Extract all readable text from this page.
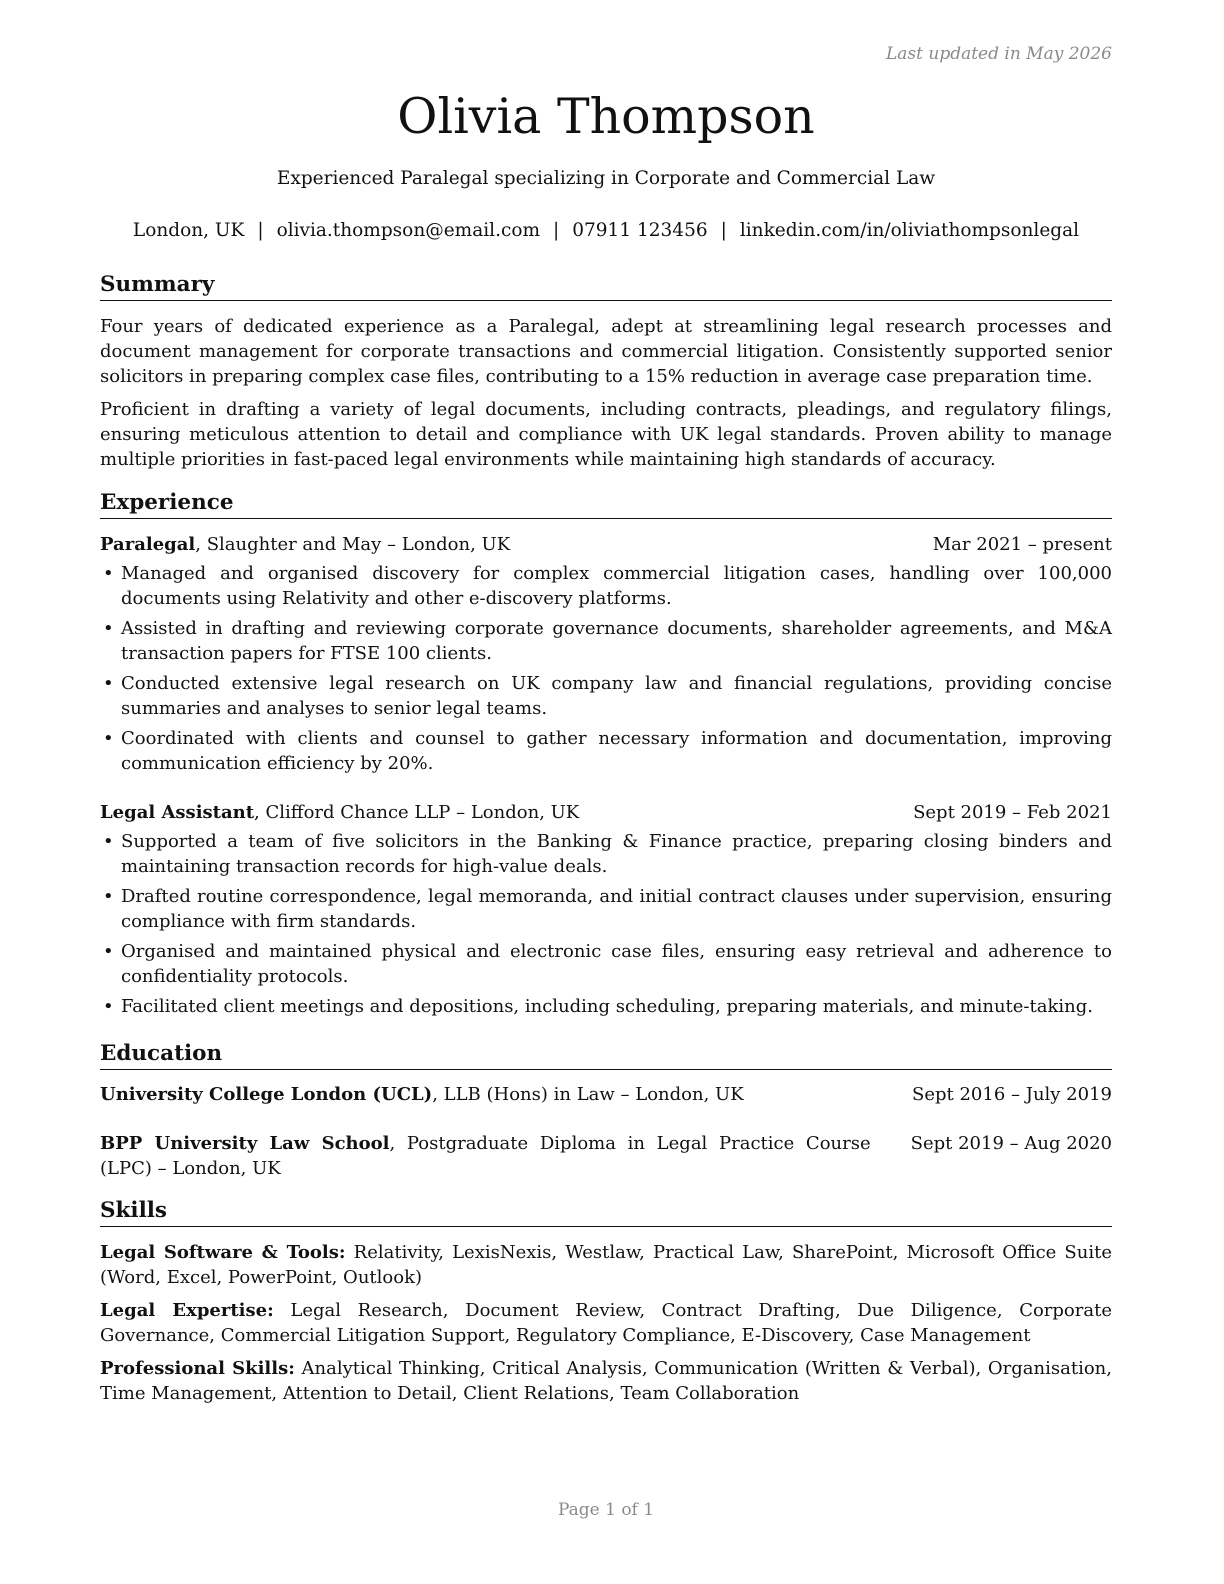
Last updated in May 2026
Olivia Thompson
Experienced Paralegal specializing in Corporate and Commercial Law
London, UK | olivia.thompson@email.com | 07911 123456 | linkedin.com/in/oliviathompsonlegal
Summary

Four years of dedicated experience as a Paralegal, adept at streamlining legal research processes and document management for corporate transactions and commercial litigation. Consistently supported senior solicitors in preparing complex case files, contributing to a 15% reduction in average case preparation time.

Proficient in drafting a variety of legal documents, including contracts, pleadings, and regulatory filings, ensuring meticulous attention to detail and compliance with UK legal standards. Proven ability to manage multiple priorities in fast-paced legal environments while maintaining high standards of accuracy.

Experience
Paralegal, Slaughter and May – London, UK	Mar 2021 – present
• Managed and organised discovery for complex commercial litigation cases, handling over 100,000 documents using Relativity and other e-discovery platforms.
• Assisted in drafting and reviewing corporate governance documents, shareholder agreements, and M&A transaction papers for FTSE 100 clients.
• Conducted extensive legal research on UK company law and financial regulations, providing concise summaries and analyses to senior legal teams.
• Coordinated with clients and counsel to gather necessary information and documentation, improving communication efficiency by 20%.
Legal Assistant, Clifford Chance LLP – London, UK	Sept 2019 – Feb 2021
• Supported a team of five solicitors in the Banking & Finance practice, preparing closing binders and maintaining transaction records for high-value deals.
• Drafted routine correspondence, legal memoranda, and initial contract clauses under supervision, ensuring compliance with firm standards.
• Organised and maintained physical and electronic case files, ensuring easy retrieval and adherence to confidentiality protocols.
• Facilitated client meetings and depositions, including scheduling, preparing materials, and minute-taking.
Education
University College London (UCL), LLB (Hons) in Law – London, UK	Sept 2016 – July 2019
BPP University Law School, Postgraduate Diploma in Legal Practice Course (LPC) – London, UK
Sept 2019 – Aug 2020
Skills

Legal Software & Tools: Relativity, LexisNexis, Westlaw, Practical Law, SharePoint, Microsoft Office Suite (Word, Excel, PowerPoint, Outlook)

Legal Expertise: Legal Research, Document Review, Contract Drafting, Due Diligence, Corporate Governance, Commercial Litigation Support, Regulatory Compliance, E-Discovery, Case Management

Professional Skills: Analytical Thinking, Critical Analysis, Communication (Written & Verbal), Organisation, Time Management, Attention to Detail, Client Relations, Team Collaboration

Page 1 of 1
